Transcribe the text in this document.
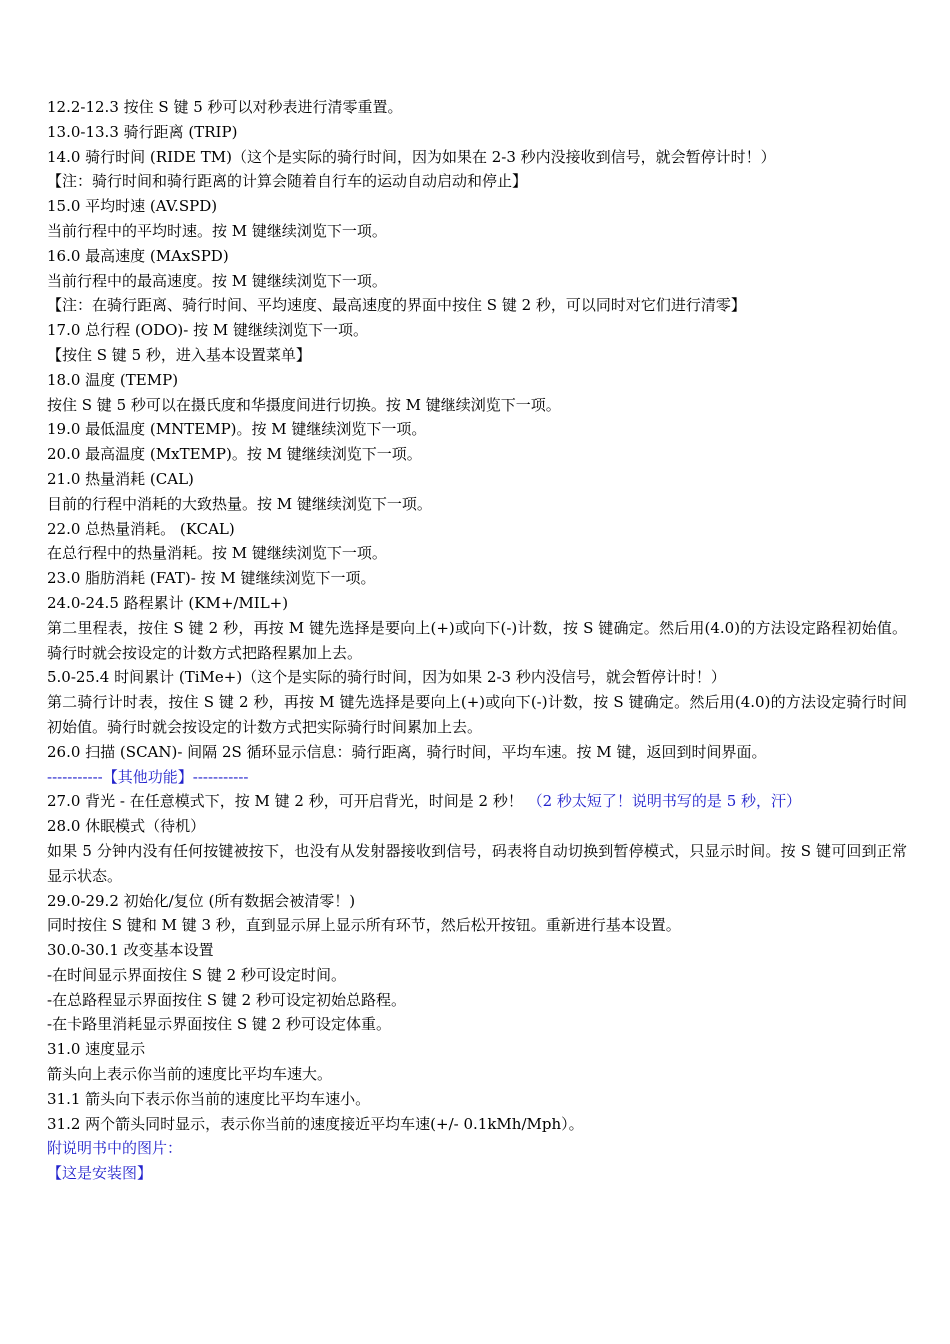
12.2-12.3 按住 S 键 5 秒可以对秒表进行清零重置。
13.0-13.3 骑行距离 (TRIP)
14.0 骑行时间 (RIDE TM)（这个是实际的骑行时间，因为如果在 2-3 秒内没接收到信号，就会暂停计时！）
【注：骑行时间和骑行距离的计算会随着自行车的运动自动启动和停止】
15.0 平均时速 (AV.SPD)
当前行程中的平均时速。按 M 键继续浏览下一项。
16.0 最高速度 (MAxSPD)
当前行程中的最高速度。按 M 键继续浏览下一项。
【注：在骑行距离、骑行时间、平均速度、最高速度的界面中按住 S 键 2 秒，可以同时对它们进行清零】
17.0 总行程 (ODO)- 按 M 键继续浏览下一项。
【按住 S 键 5 秒，进入基本设置菜单】
18.0 温度 (TEMP)
按住 S 键 5 秒可以在摄氏度和华摄度间进行切换。按 M 键继续浏览下一项。
19.0 最低温度 (MNTEMP)。按 M 键继续浏览下一项。
20.0 最高温度 (MxTEMP)。按 M 键继续浏览下一项。
21.0 热量消耗 (CAL)
目前的行程中消耗的大致热量。按 M 键继续浏览下一项。
22.0 总热量消耗。 (KCAL)
在总行程中的热量消耗。按 M 键继续浏览下一项。
23.0 脂肪消耗 (FAT)- 按 M 键继续浏览下一项。
24.0-24.5 路程累计 (KM+/MIL+)
第二里程表，按住 S 键 2 秒，再按 M 键先选择是要向上(+)或向下(-)计数，按 S 键确定。然后用(4.0)的方法设定路程初始值。骑行时就会按设定的计数方式把路程累加上去。
5.0-25.4 时间累计 (TiMe+)（这个是实际的骑行时间，因为如果 2-3 秒内没信号，就会暂停计时！）
第二骑行计时表，按住 S 键 2 秒，再按 M 键先选择是要向上(+)或向下(-)计数，按 S 键确定。然后用(4.0)的方法设定骑行时间初始值。骑行时就会按设定的计数方式把实际骑行时间累加上去。
26.0 扫描 (SCAN)- 间隔 2S 循环显示信息：骑行距离，骑行时间，平均车速。按 M 键，返回到时间界面。
-----------【其他功能】-----------
27.0 背光 - 在任意模式下，按 M 键 2 秒，可开启背光，时间是 2 秒！ （2 秒太短了！说明书写的是 5 秒，汗）
28.0 休眠模式（待机）
如果 5 分钟内没有任何按键被按下，也没有从发射器接收到信号，码表将自动切换到暂停模式，只显示时间。按 S 键可回到正常显示状态。
29.0-29.2 初始化/复位 (所有数据会被清零！)
同时按住 S 键和 M 键 3 秒，直到显示屏上显示所有环节，然后松开按钮。重新进行基本设置。
30.0-30.1 改变基本设置
-在时间显示界面按住 S 键 2 秒可设定时间。
-在总路程显示界面按住 S 键 2 秒可设定初始总路程。
-在卡路里消耗显示界面按住 S 键 2 秒可设定体重。
31.0 速度显示
箭头向上表示你当前的速度比平均车速大。
31.1 箭头向下表示你当前的速度比平均车速小。
31.2 两个箭头同时显示，表示你当前的速度接近平均车速(+/- 0.1kMh/Mph）。
附说明书中的图片：
【这是安装图】
